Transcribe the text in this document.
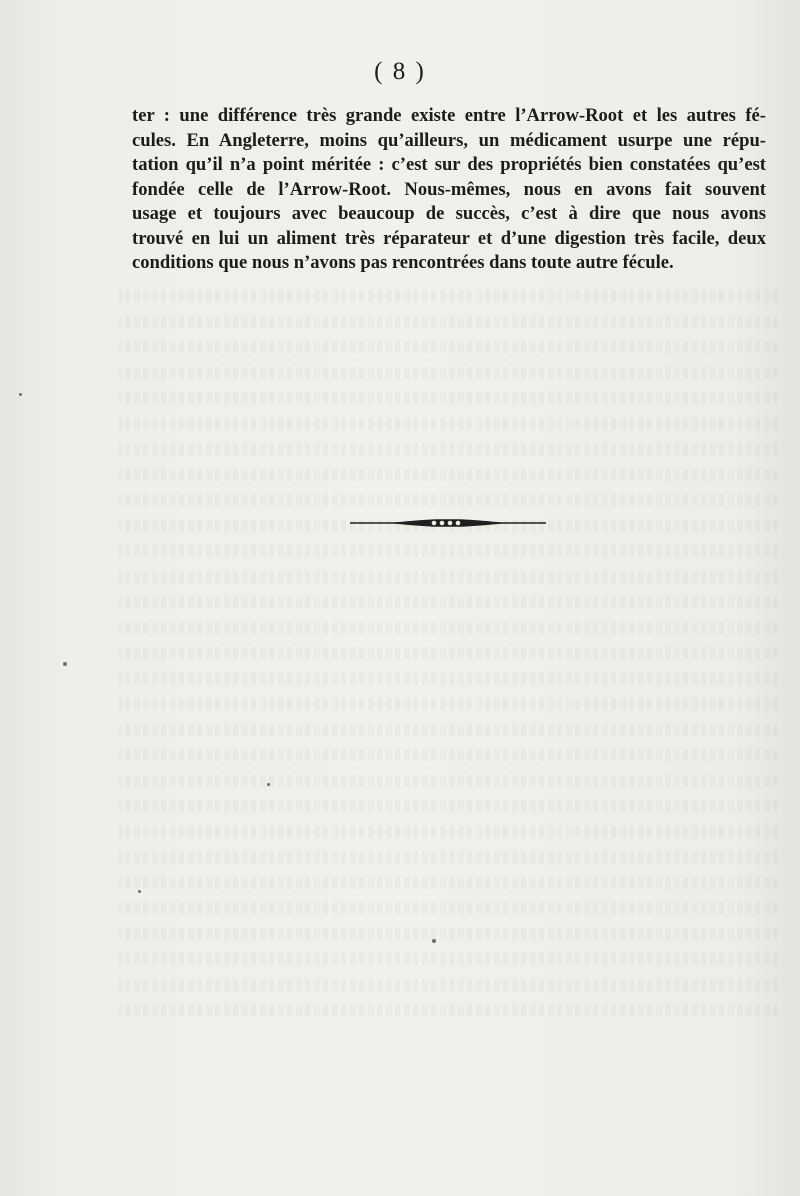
( 8 )

ter : une différence très grande existe entre l’Arrow-Root et les autres fé-
cules. En Angleterre, moins qu’ailleurs, un médicament usurpe une répu-
tation qu’il n’a point méritée : c’est sur des propriétés bien constatées qu’est
fondée celle de l’Arrow-Root. Nous-mêmes, nous en avons fait souvent
usage et toujours avec beaucoup de succès, c’est à dire que nous avons
trouvé en lui un aliment très réparateur et d’une digestion très facile, deux
conditions que nous n’avons pas rencontrées dans toute autre fécule.
